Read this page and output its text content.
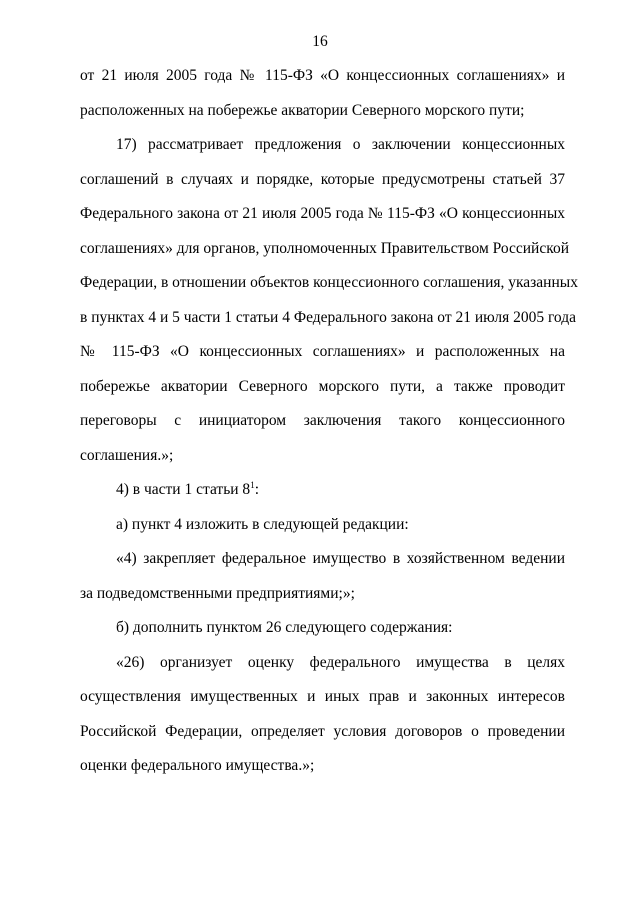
16
от 21 июля 2005 года № 115-ФЗ «О концессионных соглашениях» и
расположенных на побережье акватории Северного морского пути;
17) рассматривает предложения о заключении концессионных
соглашений в случаях и порядке, которые предусмотрены статьей 37
Федерального закона от 21 июля 2005 года № 115-ФЗ «О концессионных
соглашениях» для органов, уполномоченных Правительством Российской
Федерации, в отношении объектов концессионного соглашения, указанных
в пунктах 4 и 5 части 1 статьи 4 Федерального закона от 21 июля 2005 года
№ 115-ФЗ «О концессионных соглашениях» и расположенных на
побережье акватории Северного морского пути, а также проводит
переговоры с инициатором заключения такого концессионного
соглашения.»;
4) в части 1 статьи $8^1$:
а) пункт 4 изложить в следующей редакции:
«4) закрепляет федеральное имущество в хозяйственном ведении
за подведомственными предприятиями;»;
б) дополнить пунктом 26 следующего содержания:
«26) организует оценку федерального имущества в целях
осуществления имущественных и иных прав и законных интересов
Российской Федерации, определяет условия договоров о проведении
оценки федерального имущества.»;
